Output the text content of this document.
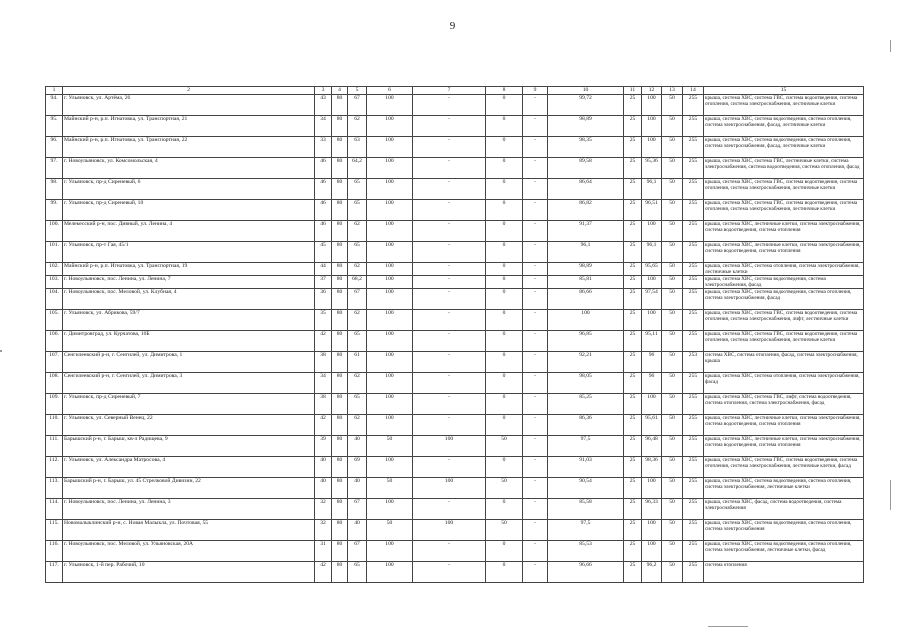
9
1	2	3	4	5	6	7	8	9	10	11	12	13	14	15
94.	г. Ульяновск, ул. Артёма, 26	43	80	67	100	-	0	-	99,72	25	100	50	255	крыша, система ХВС, система ГВС, система водоотведения, система отопления, система электроснабжения, лестничные клетки
95.	Майнский р-н, р.п. Игнатовка, ул. Транспортная, 21	34	80	62	100	-	0	-	98,89	25	100	50	255	крыша, система ХВС, система водоотведения, система отопления, система электроснабжения, фасад, лестничные клетки
96.	Майнский р-н, р.п. Игнатовка, ул. Транспортная, 22	33	80	63	100	-	0	-	98,35	25	100	50	255	крыша, система ХВС, система водоотведения, система отопления, система электроснабжения, фасад, лестничные клетки
97.	г. Новоульяновск, ул. Комсомольская, 4	46	80	64,2	100	-	0	-	89,58	25	95,36	50	255	крыша, система ХВС, система ГВС, лестничные клетки, система электроснабжения, система водоотведения, система отопления, фасад
98.	г. Ульяновск, пр-д Сиреневый, 6	46	80	65	100	-	0	-	86,64	25	96,1	50	255	крыша, система ХВС, система ГВС, система водоотведения, система отопления, система электроснабжения, лестничные клетки
99.	г. Ульяновск, пр-д Сиреневый, 10	46	80	65	100	-	0	-	86,82	25	96,51	50	255	крыша, система ХВС, система ГВС, система водоотведения, система отопления, система электроснабжения, лестничные клетки
100.	Мелекесский р-н, пос. Дивный, ул. Ленина, 4	46	80	62	100	-	0	-	91,37	25	100	50	255	крыша, система ХВС, лестничные клетки, система электроснабжения, система водоотведения, система отопления
101.	г. Ульяновск, пр-т Гая, 45/1	45	80	65	100	-	0	-	96,1	25	96,1	50	255	крыша, система ХВС, лестничные клетки, система электроснабжения, система водоотведения, система отопления
102.	Майнский р-н, р.п. Игнатовка, ул. Транспортная, 19	44	80	62	100	-	0	-	98,89	25	95,65	50	255	крыша, система ХВС, система отопления, система электроснабжения, лестничные клетки
103.	г. Новоульяновск, пос. Ленина, ул. Ленина, 7	37	80	68,2	100	-	0	-	85,81	25	100	50	255	крыша, система ХВС, система водоотведения, система электроснабжения, фасад
104.	г. Новоульяновск, пос. Меловой, ул. Клубная, 4	36	80	67	100	-	0	-	86,66	25	97,54	50	255	крыша, система ХВС, система водоотведения, система отопления, система электроснабжения, фасад
105.	г. Ульяновск, ул. Абрикова, 59/7	35	80	62	100	-	0	-	100	25	100	50	255	крыша, система ХВС, система ГВС, система водоотведения, система отопления, система электроснабжения, лифт, лестничные клетки
106.	г. Димитровград, ул. Курчатова, 10Б	42	80	65	100	-	0	-	96,85	25	95,11	50	255	крыша, система ХВС, система ГВС, система водоотведения, система отопления, система электроснабжения, лестничные клетки
107.	Сенгилеевский р-н, г. Сенгилей, ул. Димитрова, 1	38	80	61	100	-	0	-	92,21	25	96	50	253	система ХВС, система отопления, фасад, система электроснабжения, крыша
108.	Сенгилеевский р-н, г. Сенгилей, ул. Димитрова, 3	34	80	62	100	-	0	-	98,05	25	96	50	255	крыша, система ХВС, система отопления, система электроснабжения, фасад
109.	г. Ульяновск, пр-д Сиреневый, 7	38	80	65	100	-	0	-	85,25	25	100	50	255	крыша, система ХВС, система ГВС, лифт, система водоотведения, система отопления, система электроснабжения, фасад
110.	г. Ульяновск, ул. Северный Венец, 22	42	80	62	100	-	0	-	86,36	25	95,61	50	255	крыша, система ХВС, лестничные клетки, система электроснабжения, система водоотведения, система отопления
111.	Барышский р-н, г. Барыш, кв-л Радищева, 9	39	80	40	50	100	50	-	97,5	25	96,48	50	255	крыша, система ХВС, лестничные клетки, система электроснабжения, система водоотведения, система отопления
112.	г. Ульяновск, ул. Александра Матросова, 4	40	80	69	100	-	0	-	91,03	25	98,36	50	255	крыша, система ХВС, система ГВС, система водоотведения, система отопления, система электроснабжения, лестничные клетки, фасад
113.	Барышский р-н, г. Барыш, ул. 45 Стрелковой Дивизии, 22	40	80	40	50	100	50	-	90,54	25	100	50	255	крыша, система ХВС, система водоотведения, система отопления, система электроснабжения, лестничные клетки
114.	г. Новоульяновск, пос. Ленина, ул. Ленина, 3	32	80	67	100	-	0	-	85,58	25	96,33	50	255	крыша, система ХВС, фасад, система водоотведения, система электроснабжения
115.	Новомалыклинский р-н, с. Новая Малыкла, ул. Почтовая, 55	32	80	40	50	100	50	-	97,5	25	100	50	255	крыша, система ХВС, система водоотведения, система отопления, система электроснабжения
116.	г. Новоульяновск, пос. Меловой, ул. Ульяновская, 20А	31	80	67	100	-	0	-	85,53	25	100	50	255	крыша, система ХВС, система водоотведения, система отопления, система электроснабжения, лестничные клетки, фасад
117.	г. Ульяновск, 1-й пер. Рабочий, 10	42	80	65	100	-	0	-	96,66	25	96,2	50	255	система отопления
